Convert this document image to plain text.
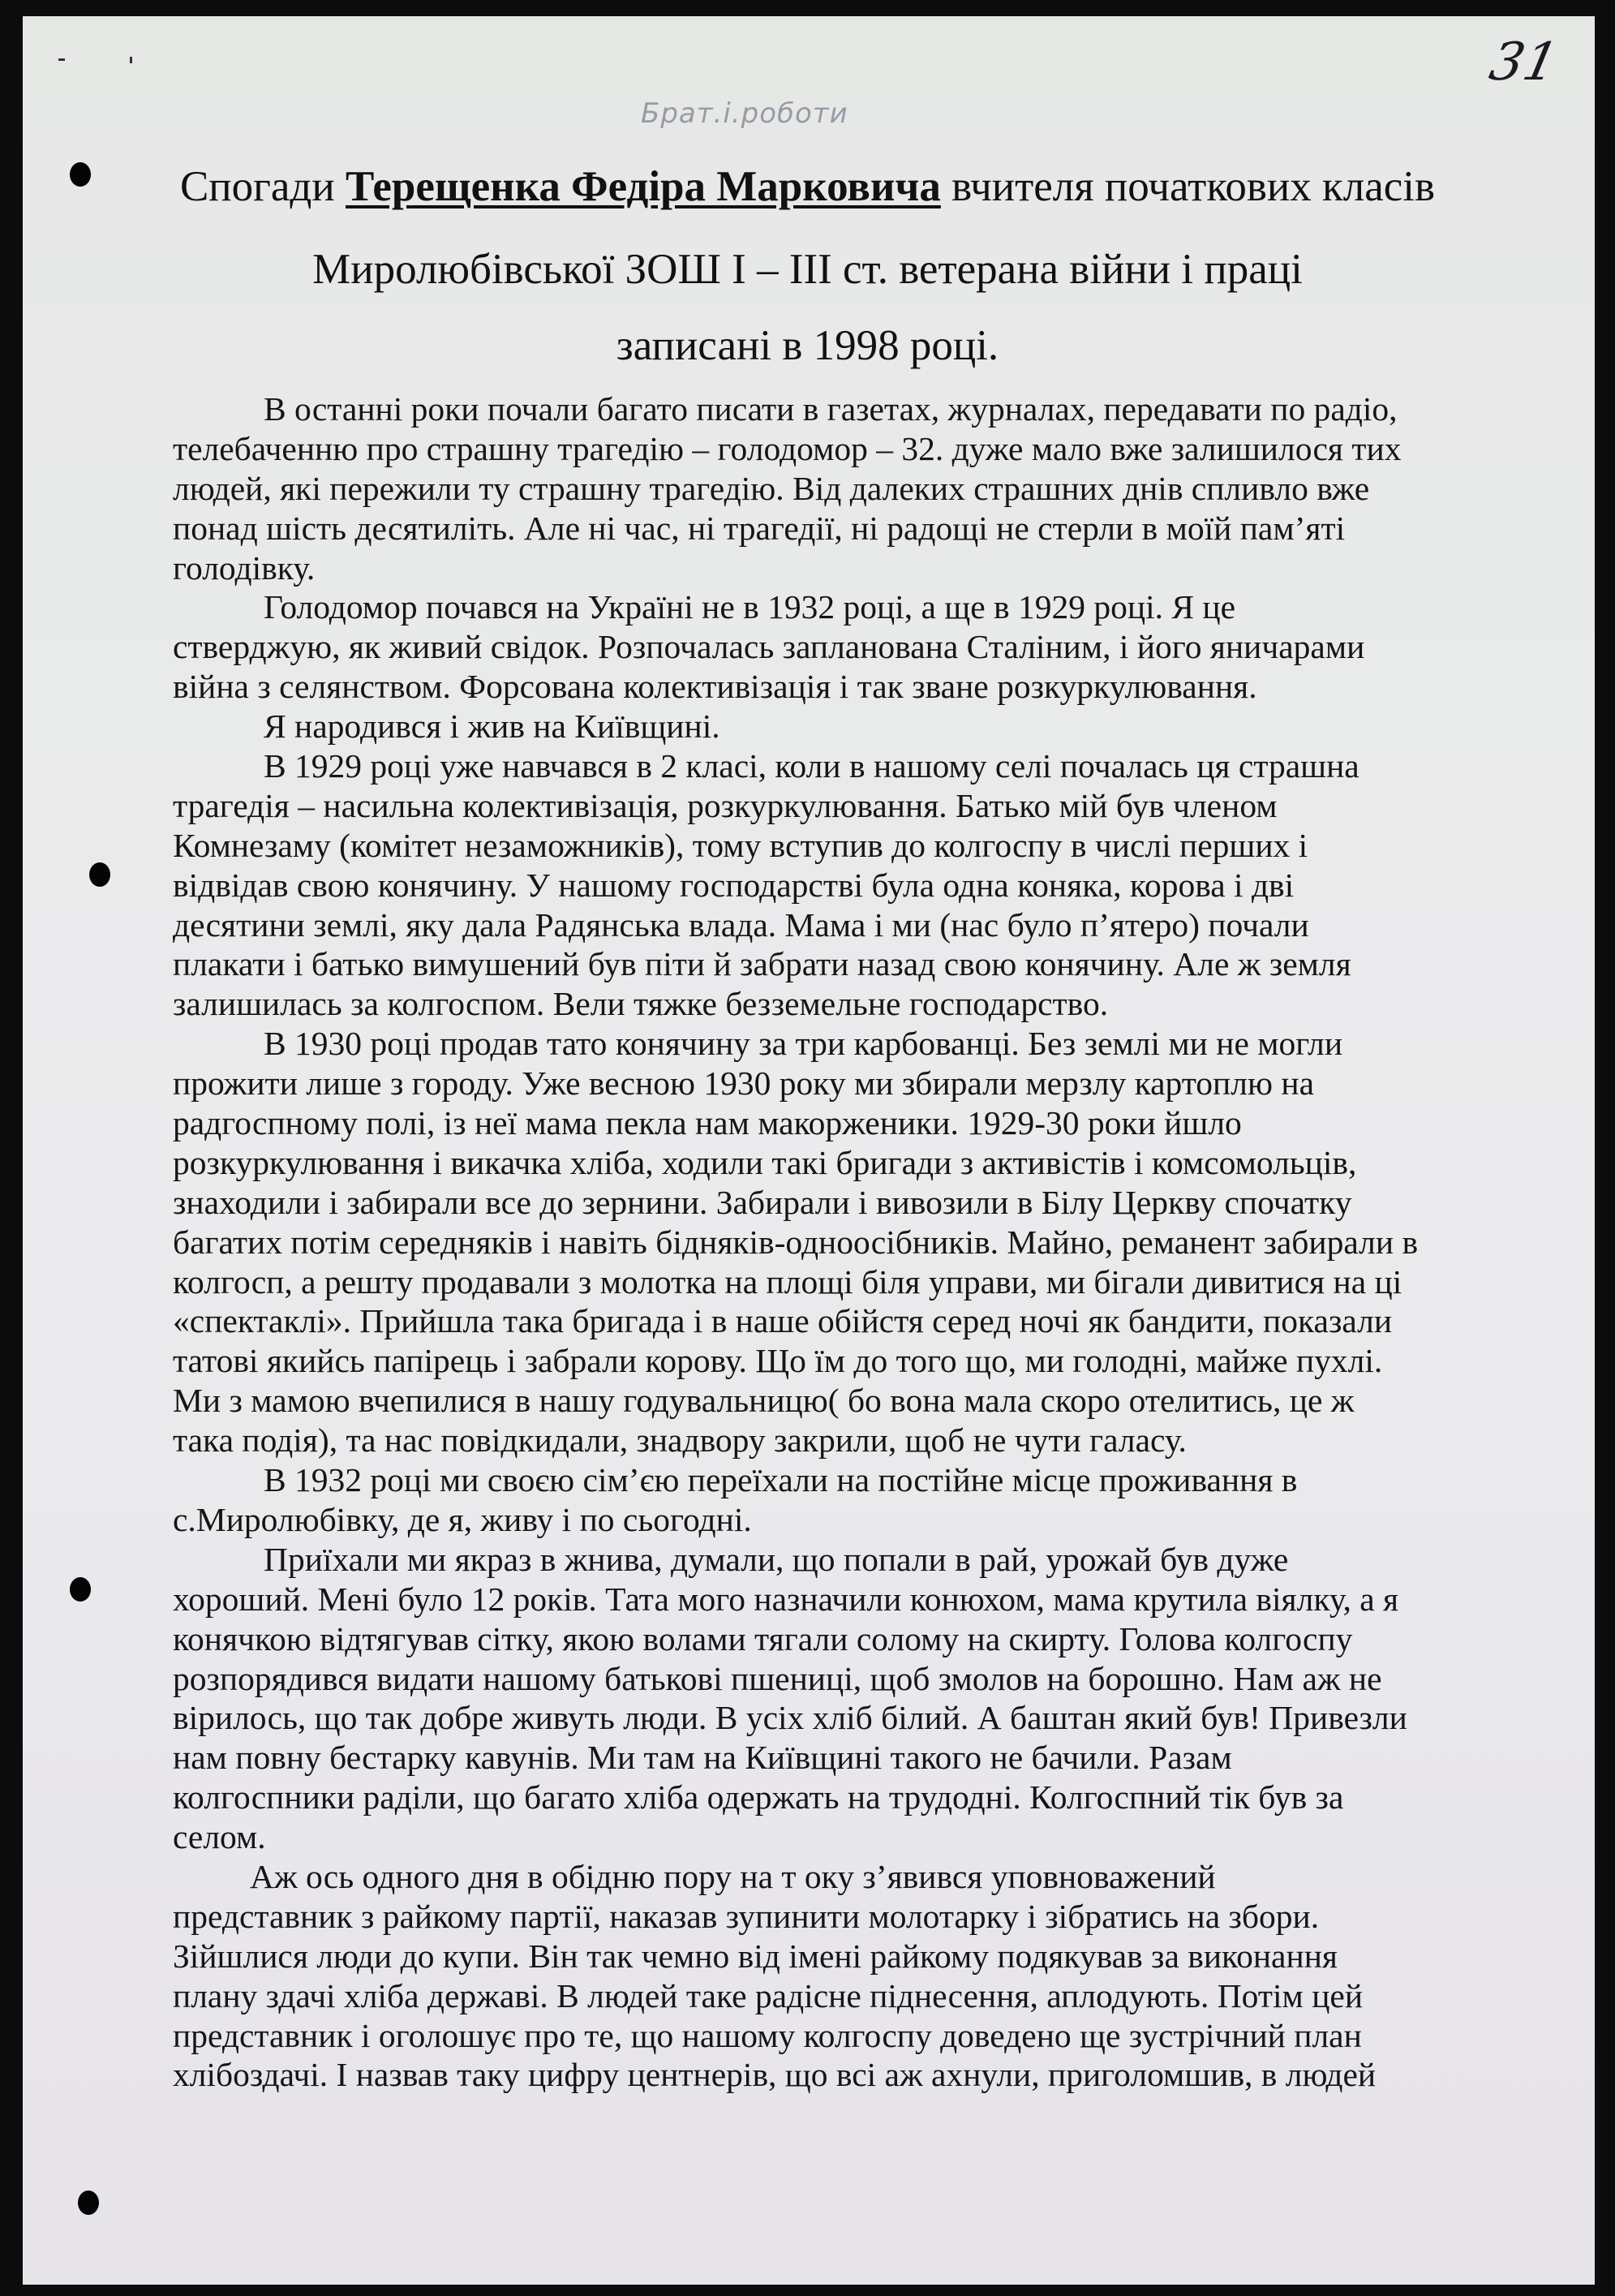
31
Брат.і.роботи
Спогади Терещенка Федіра Марковича вчителя початкових класів
Миролюбівської ЗОШ І – ІІІ ст. ветерана війни і праці
записані в 1998 році.
В останні роки почали багато писати в газетах, журналах, передавати по радіо,
телебаченню про страшну трагедію – голодомор – 32. дуже мало вже залишилося тих
людей, які пережили ту страшну трагедію. Від далеких страшних днів спливло вже
понад шість десятиліть. Але ні час, ні трагедії, ні радощі не стерли в моїй пам’яті
голодівку.
Голодомор почався на Україні не в 1932 році, а ще в 1929 році. Я це
стверджую, як живий свідок. Розпочалась запланована Сталіним, і його яничарами
війна з селянством. Форсована колективізація і так зване розкуркулювання.
Я народився і жив на Київщині.
В 1929 році уже навчався в 2 класі, коли в нашому селі почалась ця страшна
трагедія – насильна колективізація, розкуркулювання. Батько мій був членом
Комнезаму (комітет незаможників), тому вступив до колгоспу в числі перших і
відвідав свою конячину. У нашому господарстві була одна коняка, корова і дві
десятини землі, яку дала Радянська влада. Мама і ми (нас було п’ятеро) почали
плакати і батько вимушений був піти й забрати назад свою конячину. Але ж земля
залишилась за колгоспом. Вели тяжке безземельне господарство.
В 1930 році продав тато конячину за три карбованці. Без землі ми не могли
прожити лише з городу. Уже весною 1930 року ми збирали мерзлу картоплю на
радгоспному полі, із неї мама пекла нам макорженики. 1929-30 роки йшло
розкуркулювання і викачка хліба, ходили такі бригади з активістів і комсомольців,
знаходили і забирали все до зернини. Забирали і вивозили в Білу Церкву спочатку
багатих потім середняків і навіть бідняків-одноосібників. Майно, реманент забирали в
колгосп, а решту продавали з молотка на площі біля управи, ми бігали дивитися на ці
«спектаклі». Прийшла така бригада і в наше обійстя серед ночі як бандити, показали
татові якийсь папірець і забрали корову. Що їм до того що, ми голодні, майже пухлі.
Ми з мамою вчепилися в нашу годувальницю( бо вона мала скоро отелитись, це ж
така подія), та нас повідкидали, знадвору закрили, щоб не чути галасу.
В 1932 році ми своєю сім’єю переїхали на постійне місце проживання в
с.Миролюбівку, де я, живу і по сьогодні.
Приїхали ми якраз в жнива, думали, що попали в рай, урожай був дуже
хороший. Мені було 12 років. Тата мого назначили конюхом, мама крутила віялку, а я
конячкою відтягував сітку, якою волами тягали солому на скирту. Голова колгоспу
розпорядився видати нашому батькові пшениці, щоб змолов на борошно. Нам аж не
вірилось, що так добре живуть люди. В усіх хліб білий. А баштан який був! Привезли
нам повну бестарку кавунів. Ми там на Київщині такого не бачили. Разам
колгоспники раділи, що багато хліба одержать на трудодні. Колгоспний тік був за
селом.
Аж ось одного дня в обідню пору на т оку з’явився уповноважений
представник з райкому партії, наказав зупинити молотарку і зібратись на збори.
Зійшлися люди до купи. Він так чемно від імені райкому подякував за виконання
плану здачі хліба державі. В людей таке радісне піднесення, аплодують. Потім цей
представник і оголошує про те, що нашому колгоспу доведено ще зустрічний план
хлібоздачі. І назвав таку цифру центнерів, що всі аж ахнули, приголомшив, в людей
